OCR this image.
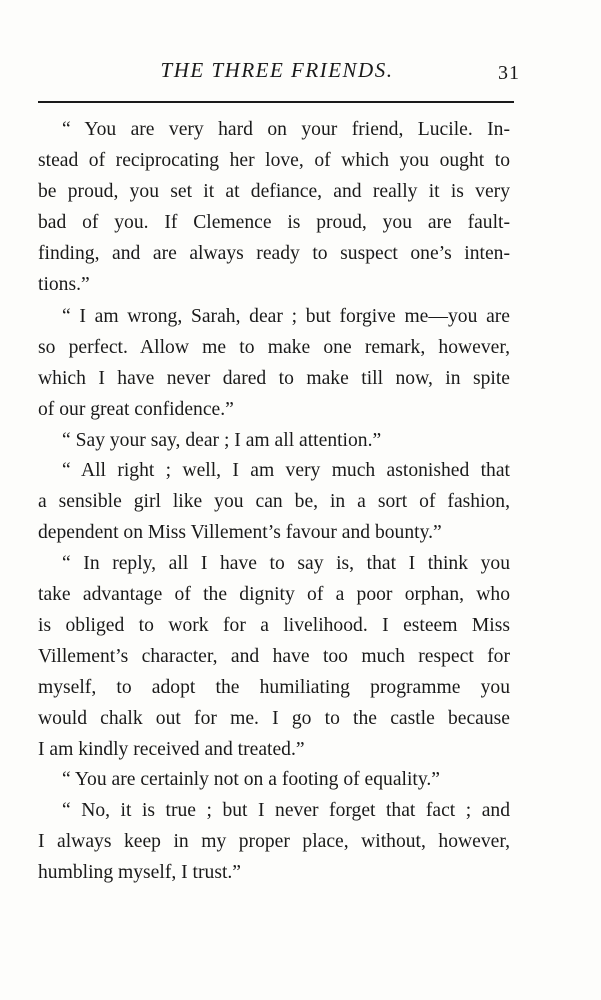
THE THREE FRIENDS.	31
“ You are very hard on your friend, Lucile. In-
stead of reciprocating her love, of which you ought to
be proud, you set it at defiance, and really it is very
bad of you. If Clemence is proud, you are fault-
finding, and are always ready to suspect one’s inten-
tions.”
“ I am wrong, Sarah, dear ; but forgive me—you are
so perfect. Allow me to make one remark, however,
which I have never dared to make till now, in spite
of our great confidence.”
“ Say your say, dear ; I am all attention.”
“ All right ; well, I am very much astonished that
a sensible girl like you can be, in a sort of fashion,
dependent on Miss Villement’s favour and bounty.”
“ In reply, all I have to say is, that I think you
take advantage of the dignity of a poor orphan, who
is obliged to work for a livelihood. I esteem Miss
Villement’s character, and have too much respect for
myself, to adopt the humiliating programme you
would chalk out for me. I go to the castle because
I am kindly received and treated.”
“ You are certainly not on a footing of equality.”
“ No, it is true ; but I never forget that fact ; and
I always keep in my proper place, without, however,
humbling myself, I trust.”
